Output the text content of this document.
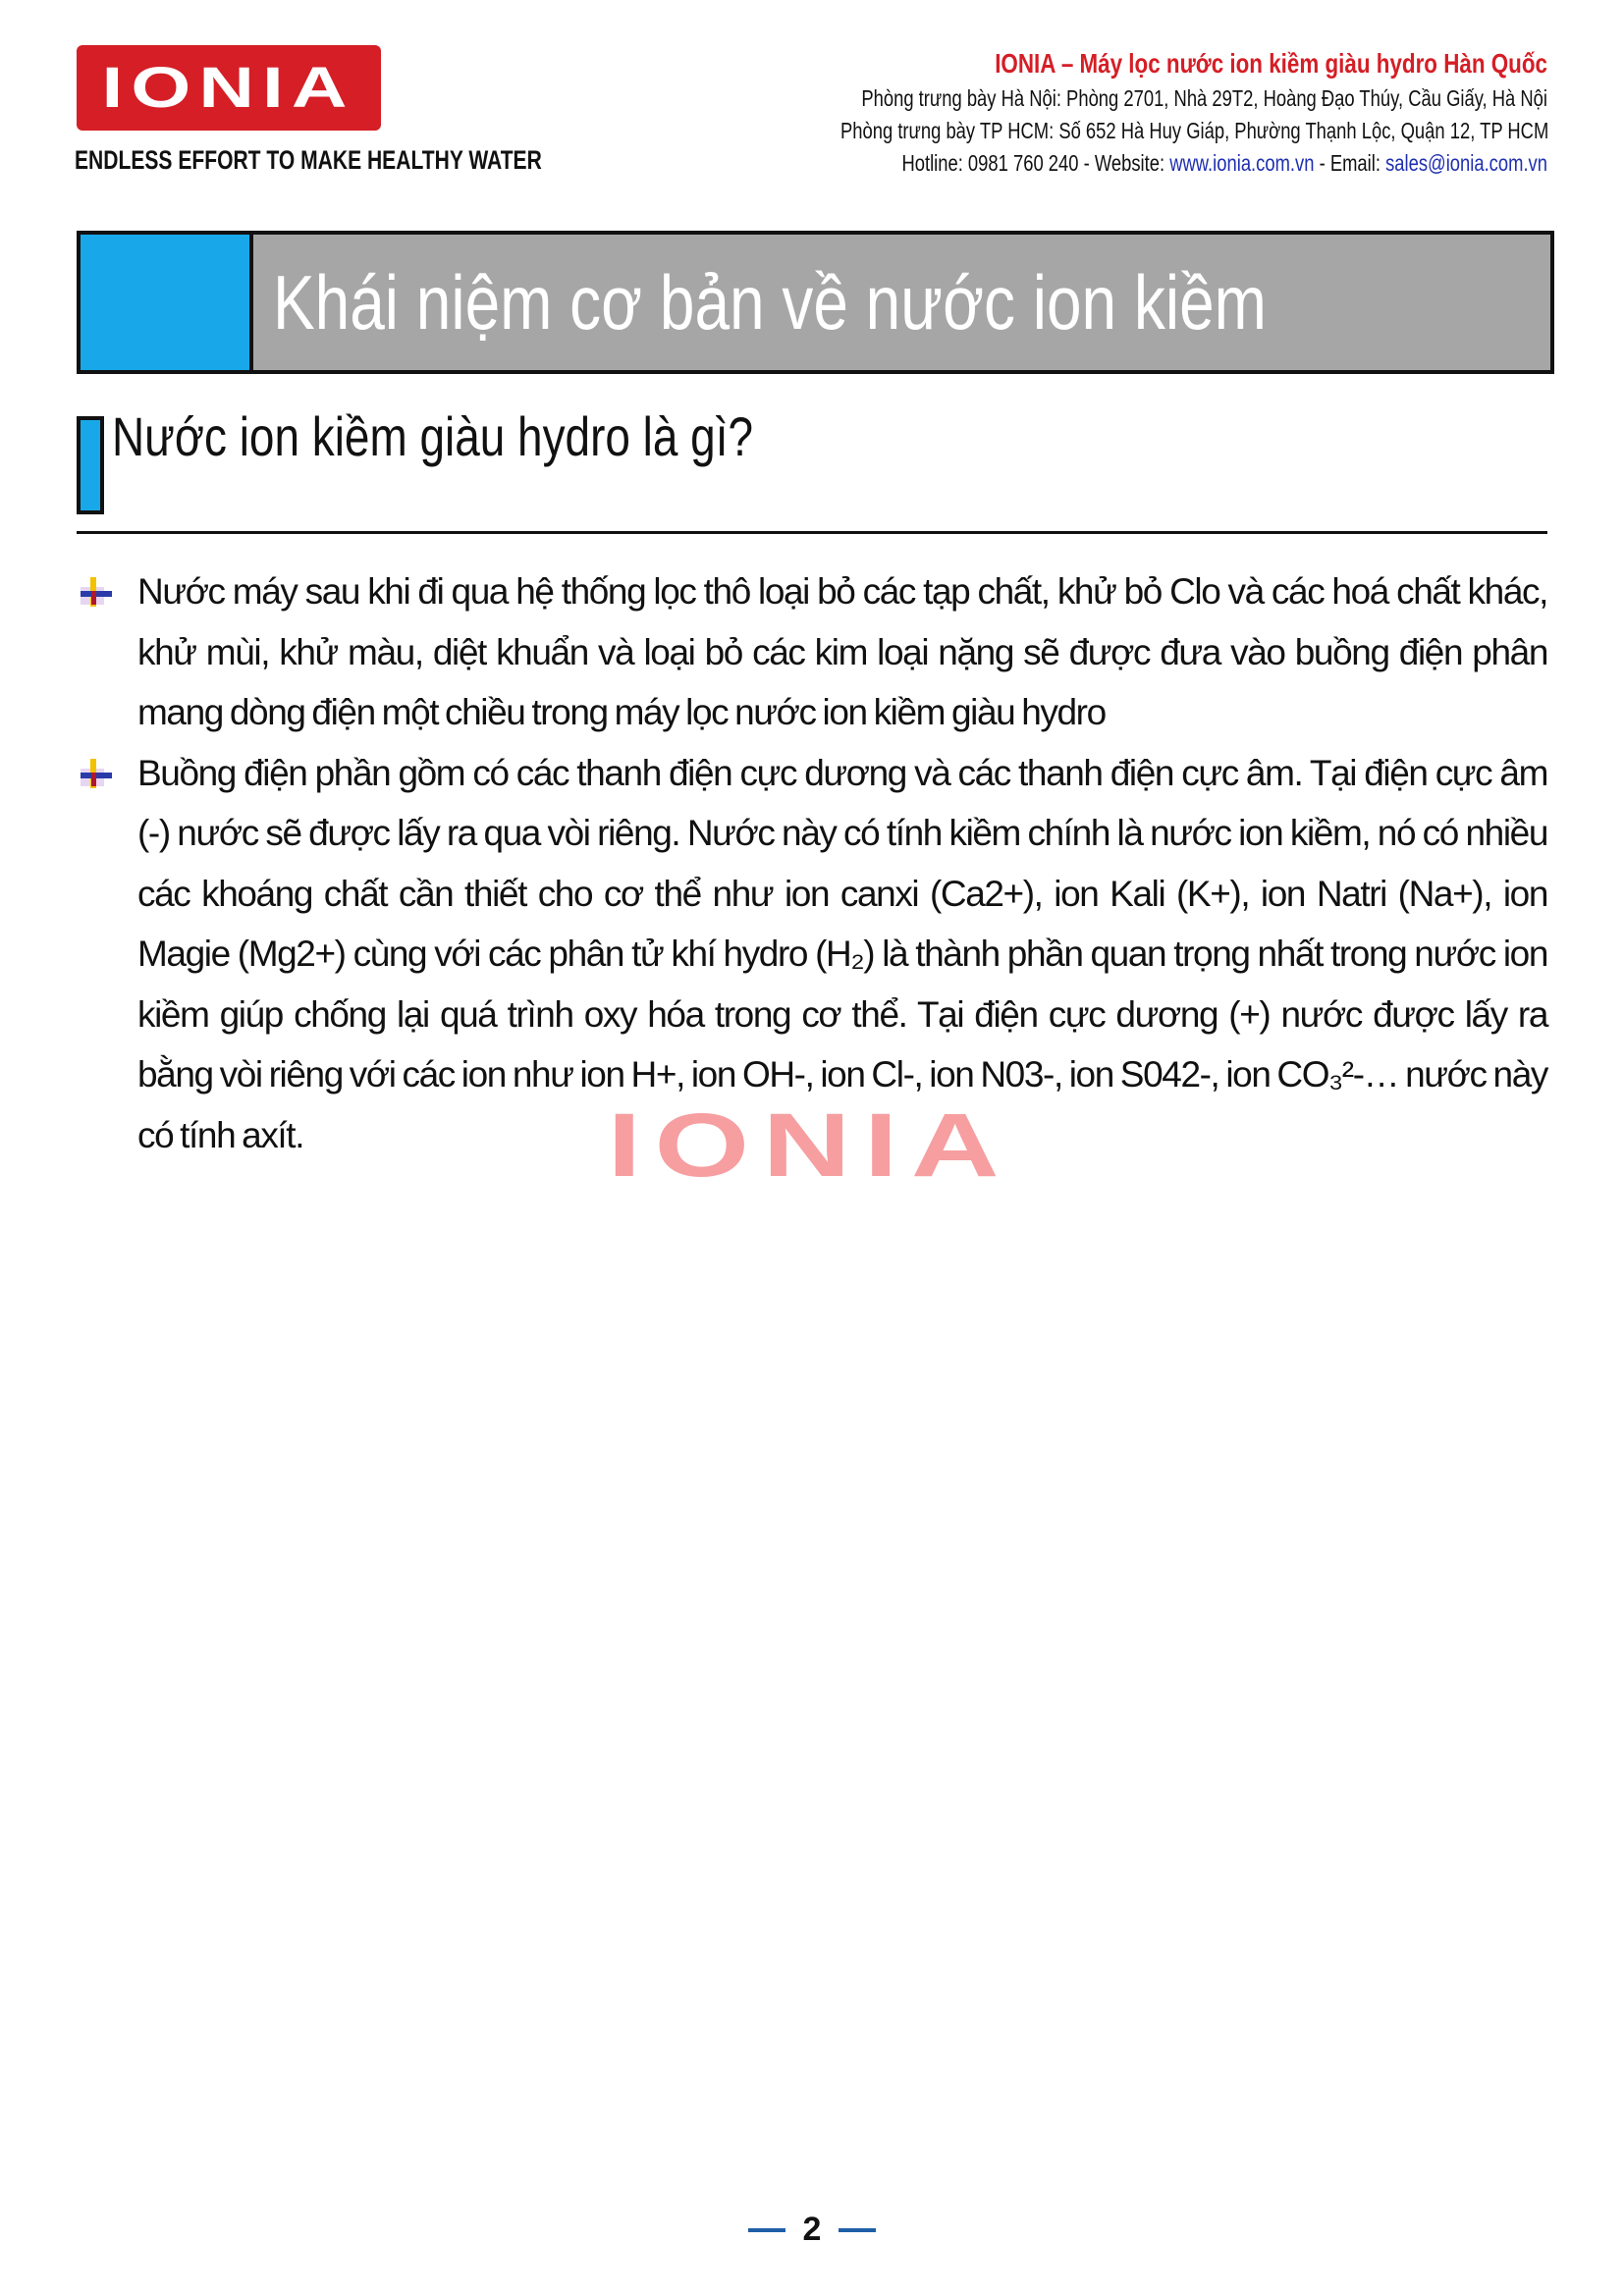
IONIA
ENDLESS EFFORT TO MAKE HEALTHY WATER
IONIA – Máy lọc nước ion kiềm giàu hydro Hàn Quốc
Phòng trưng bày Hà Nội: Phòng 2701, Nhà 29T2, Hoàng Đạo Thúy, Cầu Giấy, Hà Nội
Phòng trưng bày TP HCM: Số 652 Hà Huy Giáp, Phường Thạnh Lộc, Quận 12, TP HCM
Hotline: 0981 760 240 - Website: www.ionia.com.vn - Email: sales@ionia.com.vn
Khái niệm cơ bản về nước ion kiềm
Nước ion kiềm giàu hydro là gì?
Nước máy sau khi đi qua hệ thống lọc thô loại bỏ các tạp chất, khử bỏ Clo và các hoá chất khác, khử mùi, khử màu, diệt khuẩn và loại bỏ các kim loại nặng sẽ được đưa vào buồng điện phân mang dòng điện một chiều trong máy lọc nước ion kiềm giàu hydro
Buồng điện phần gồm có các thanh điện cực dương và các thanh điện cực âm. Tại điện cực âm (-) nước sẽ được lấy ra qua vòi riêng. Nước này có tính kiềm chính là nước ion kiềm, nó có nhiều các khoáng chất cần thiết cho cơ thể như ion canxi (Ca2+), ion Kali (K+), ion Natri (Na+), ion Magie (Mg2+) cùng với các phân tử khí hydro (H₂) là thành phần quan trọng nhất trong nước ion kiềm giúp chống lại quá trình oxy hóa trong cơ thể. Tại điện cực dương (+) nước được lấy ra bằng vòi riêng với các ion như ion H+, ion OH-, ion Cl-, ion N03-, ion S042-, ion CO₃²-… nước này có tính axít.	IONIA
2
